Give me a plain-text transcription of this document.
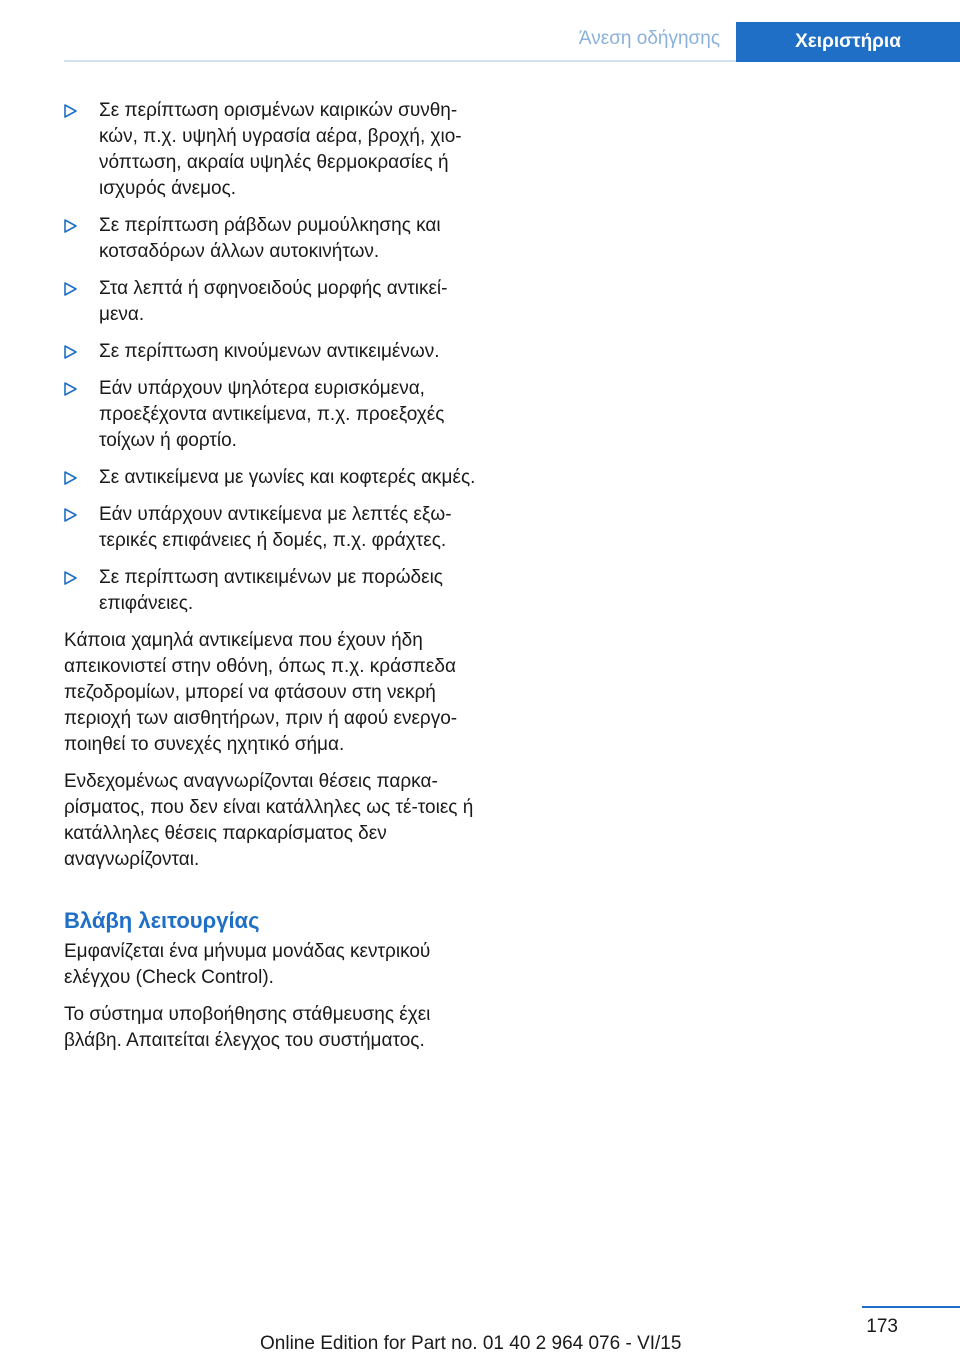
Άνεση οδήγησης	Χειριστήρια
Σε περίπτωση ορισμένων καιρικών συνθη-κών, π.χ. υψηλή υγρασία αέρα, βροχή, χιο-νόπτωση, ακραία υψηλές θερμοκρασίες ή ισχυρός άνεμος.
Σε περίπτωση ράβδων ρυμούλκησης και κοτσαδόρων άλλων αυτοκινήτων.
Στα λεπτά ή σφηνοειδούς μορφής αντικεί-μενα.
Σε περίπτωση κινούμενων αντικειμένων.
Εάν υπάρχουν ψηλότερα ευρισκόμενα, προεξέχοντα αντικείμενα, π.χ. προεξοχές τοίχων ή φορτίο.
Σε αντικείμενα με γωνίες και κοφτερές ακμές.
Εάν υπάρχουν αντικείμενα με λεπτές εξω-τερικές επιφάνειες ή δομές, π.χ. φράχτες.
Σε περίπτωση αντικειμένων με πορώδεις επιφάνειες.

Κάποια χαμηλά αντικείμενα που έχουν ήδη απεικονιστεί στην οθόνη, όπως π.χ. κράσπεδα πεζοδρομίων, μπορεί να φτάσουν στη νεκρή περιοχή των αισθητήρων, πριν ή αφού ενεργο-ποιηθεί το συνεχές ηχητικό σήμα.

Ενδεχομένως αναγνωρίζονται θέσεις παρκα-ρίσματος, που δεν είναι κατάλληλες ως τέ-τοιες ή κατάλληλες θέσεις παρκαρίσματος δεν αναγνωρίζονται.

Βλάβη λειτουργίας

Εμφανίζεται ένα μήνυμα μονάδας κεντρικού ελέγχου (Check Control).

Το σύστημα υποβοήθησης στάθμευσης έχει βλάβη. Απαιτείται έλεγχος του συστήματος.

173
Online Edition for Part no. 01 40 2 964 076 - VI/15
